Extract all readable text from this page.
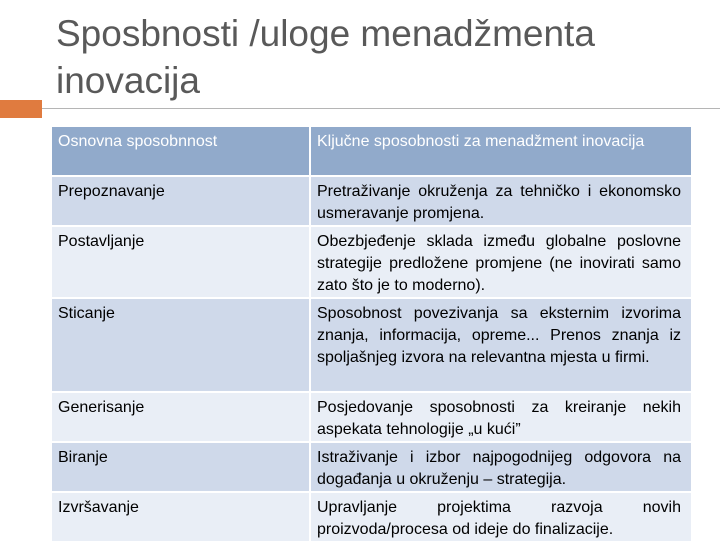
Sposbnosti /uloge menadžmenta inovacija
Osnovna sposobnnost	Ključne sposobnosti za menadžment inovacija
Prepoznavanje	Pretraživanje okruženja za tehničko i ekonomsko usmeravanje promjena.
Postavljanje	Obezbjeđenje sklada između globalne poslovne strategije predložene promjene (ne inovirati samo zato što je to moderno).
Sticanje	Sposobnost povezivanja sa eksternim izvorima znanja, informacija, opreme... Prenos znanja iz spoljašnjeg izvora na relevantna mjesta u firmi.
Generisanje	Posjedovanje sposobnosti za kreiranje nekih aspekata tehnologije „u kući”
Biranje	Istraživanje i izbor najpogodnijeg odgovora na događanja u okruženju – strategija.
Izvršavanje	Upravljanje projektima razvoja novih proizvoda/procesa od ideje do finalizacije.
